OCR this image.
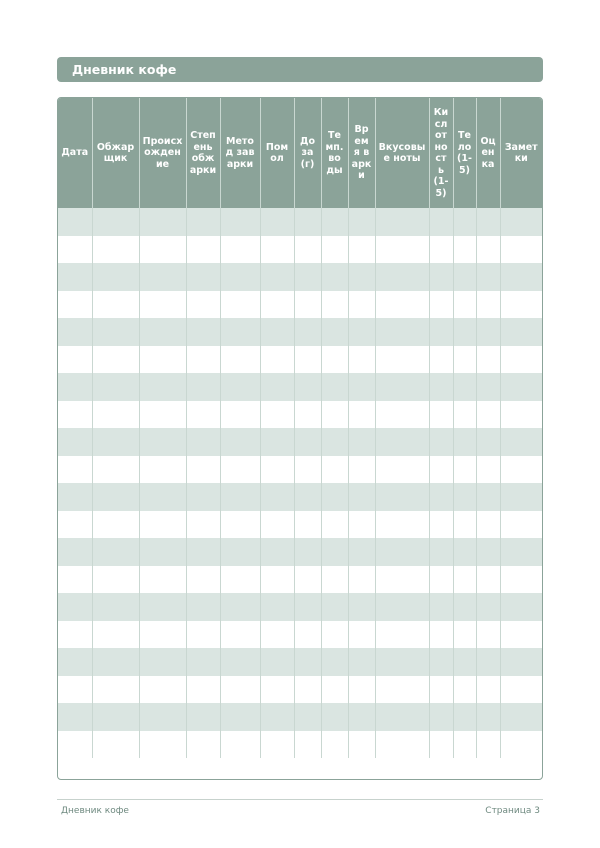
Дневник кофе
Дата	Обжарщик	Происхождение	Степень обжарки	Метод заварки	Помол	Доза (г)	Темп. воды	Время варки	Вкусовые ноты	Кислотность (1-5)	Тело (1-5)	Оценка	Заметки

Дневник кофе	Страница 3
